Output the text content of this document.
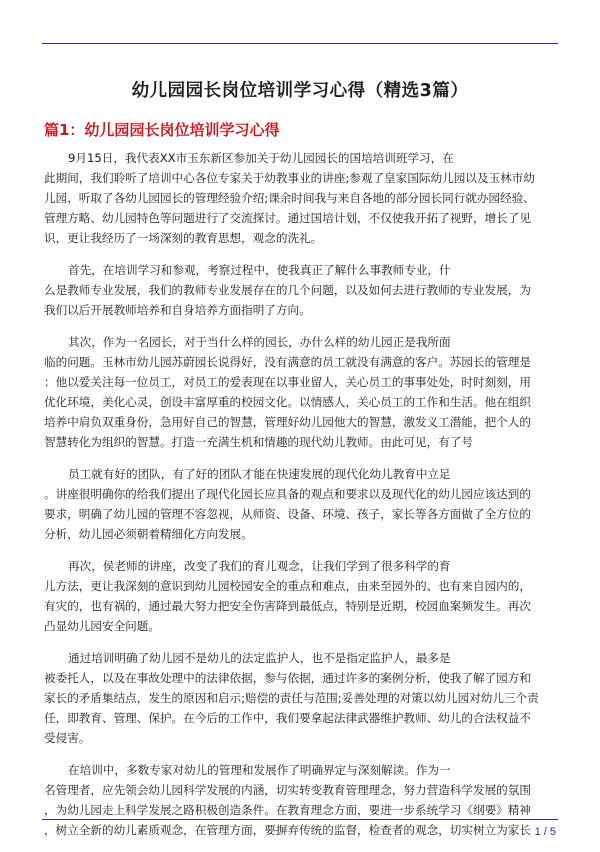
幼儿园园长岗位培训学习心得（精选3篇）
篇1：幼儿园园长岗位培训学习心得
9月15日，我代表XX市玉东新区参加关于幼儿园园长的国培培训班学习，在
此期间，我们聆听了培训中心各位专家关于幼教事业的讲座;参观了皇家国际幼儿园以及玉林市幼
儿园，听取了各幼儿园园长的管理经验介绍;课余时间我与来自各地的部分园长同行就办园经验、
管理方略、幼儿园特色等问题进行了交流探讨。通过国培计划，不仅使我开拓了视野，增长了见
识，更让我经历了一场深刻的教育思想，观念的洗礼。
首先，在培训学习和参观，考察过程中，使我真正了解什么事教师专业，什
么是教师专业发展，我们的教师专业发展存在的几个问题，以及如何去进行教师的专业发展，为
我们以后开展教师培养和自身培养方面指明了方向。
其次，作为一名园长，对于当什么样的园长，办什么样的幼儿园正是我所面
临的问题。玉林市幼儿园苏蔚园长说得好，没有满意的员工就没有满意的客户。苏园长的管理是
：他以爱关注每一位员工，对员工的爱表现在以事业留人，关心员工的事事处处，时时刻刻，用
优化环境，美化心灵，创设丰富厚重的校园文化。以情感人，关心员工的工作和生活。他在组织
培养中肩负双重身份，急用好自己的智慧，管理好幼儿园他大的智慧，激发义工潜能，把个人的
智慧转化为组织的智慧。打造一充满生机和情趣的现代幼儿教师。由此可见，有了号
员工就有好的团队，有了好的团队才能在快速发展的现代化幼儿教育中立足
。讲座很明确你的给我们提出了现代化园长应具备的观点和要求以及现代化的幼儿园应该达到的
要求，明确了幼儿园的管理不容忽视，从师资、设备、环境、孩子，家长等各方面做了全方位的
分析，幼儿园必须朝着精细化方向发展。
再次，侯老师的讲座，改变了我们的育儿观念，让我们学到了很多科学的育
儿方法，更让我深刻的意识到幼儿园校园安全的重点和难点，由来至园外的、也有来自园内的，
有灾的，也有祸的，通过最大努力把安全伤害降到最低点，特别是近期，校园血案频发生。再次
凸显幼儿园安全问题。
通过培训明确了幼儿园不是幼儿的法定监护人，也不是指定监护人，最多是
被委托人，以及在事故处理中的法律依据，参与依据，通过许多的案例分析，使我了解了园方和
家长的矛盾集结点，发生的原因和启示;赔偿的责任与范围;妥善处理的对策以幼儿园对幼儿三个责
任，即教育、管理、保护。在今后的工作中，我们要拿起法律武器维护教师、幼儿的合法权益不
受侵害。
在培训中，多数专家对幼儿的管理和发展作了明确界定与深刻解读。作为一
名管理者，应先领会幼儿园科学发展的内涵，切实转变教育管理理念，努力营造科学发展的氛围
，为幼儿园走上科学发展之路积极创造条件。在教育理念方面，要进一步系统学习《纲要》精神
，树立全新的幼儿素质观念，在管理方面，要摒弃传统的监督，检查者的观念，切实树立为家长 1 / 5
